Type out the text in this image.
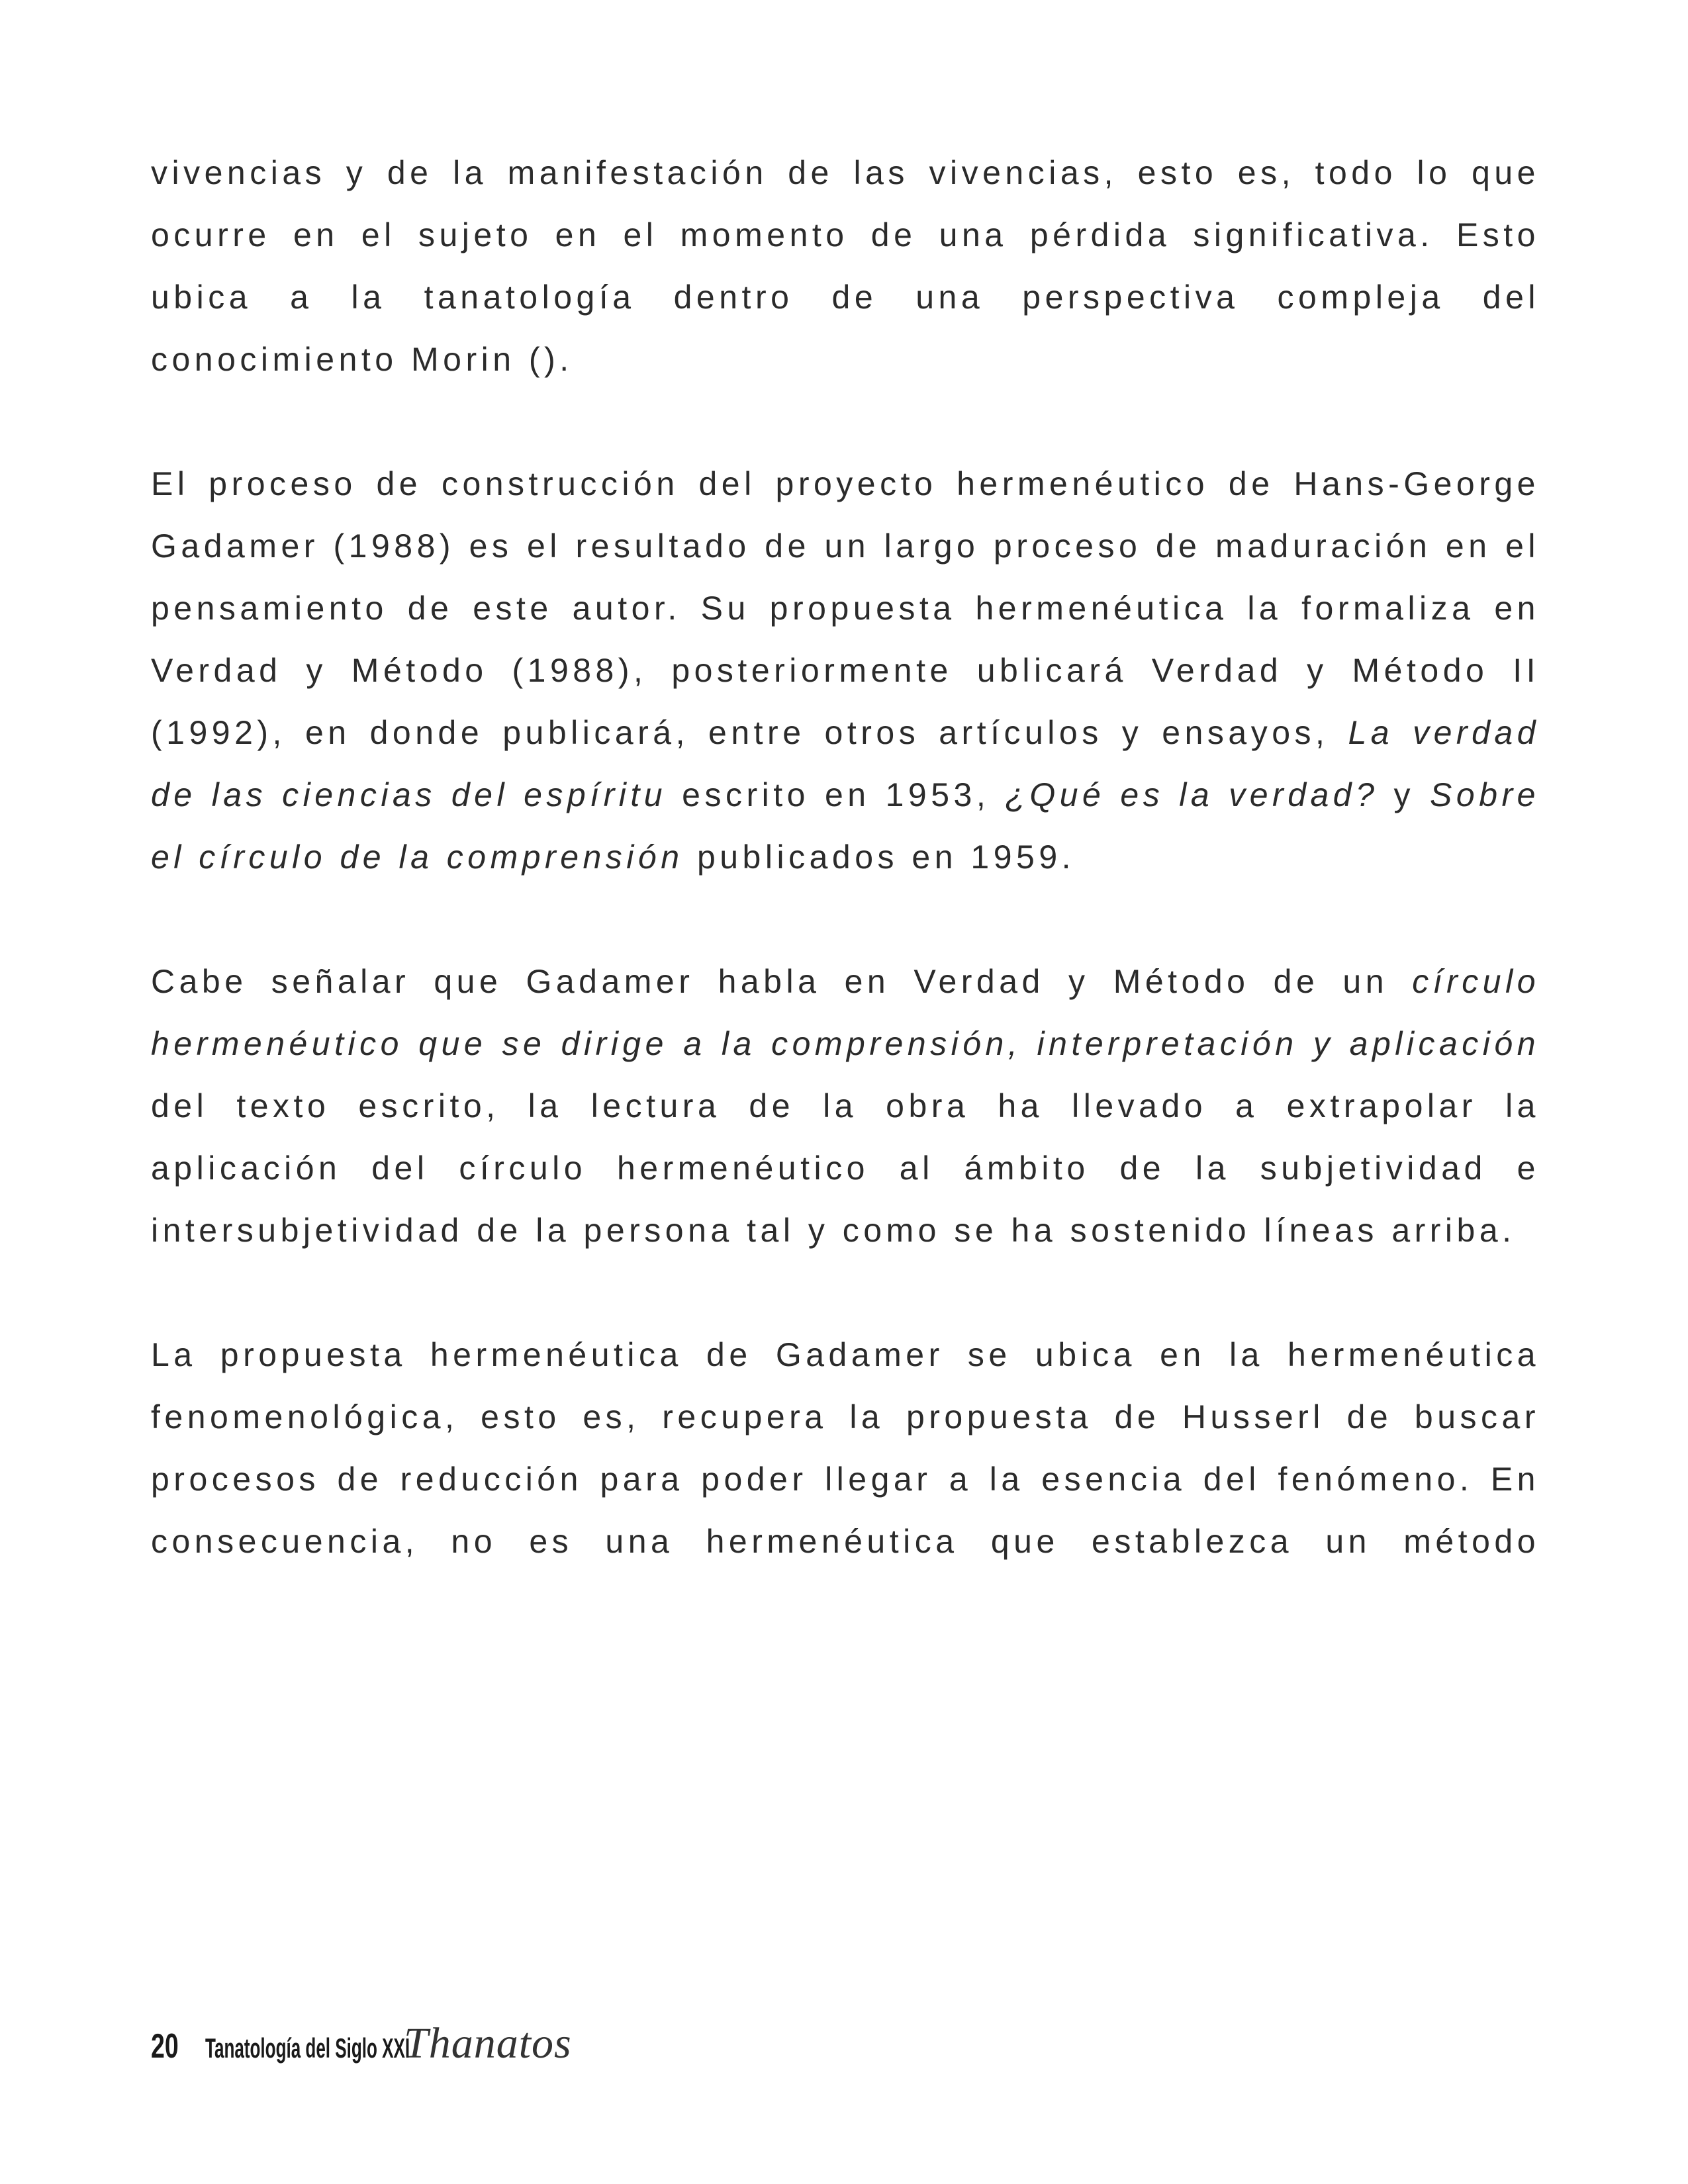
vivencias y de la manifestación de las vivencias, esto es, todo lo que ocurre en el sujeto en el momento de una pérdida significativa. Esto ubica a la tanatología dentro de una perspectiva compleja del conocimiento Morin ().

El proceso de construcción del proyecto hermenéutico de Hans-George Gadamer (1988) es el resultado de un largo proceso de maduración en el pensamiento de este autor. Su propuesta hermenéutica la formaliza en Verdad y Método (1988), posteriormente ublicará Verdad y Método II (1992), en donde publicará, entre otros artículos y ensayos, La verdad de las ciencias del espíritu escrito en 1953, ¿Qué es la verdad? y Sobre el círculo de la comprensión publicados en 1959.

Cabe señalar que Gadamer habla en Verdad y Método de un círculo hermenéutico que se dirige a la comprensión, interpretación y aplicación del texto escrito, la lectura de la obra ha llevado a extrapolar la aplicación del círculo hermenéutico al ámbito de la subjetividad e intersubjetividad de la persona tal y como se ha sostenido líneas arriba.

La propuesta hermenéutica de Gadamer se ubica en la hermenéutica fenomenológica, esto es, recupera la propuesta de Husserl de buscar procesos de reducción para poder llegar a la esencia del fenómeno. En consecuencia, no es una hermenéutica que establezca un método

20 Tanatología del Siglo XXI
Thanatos
